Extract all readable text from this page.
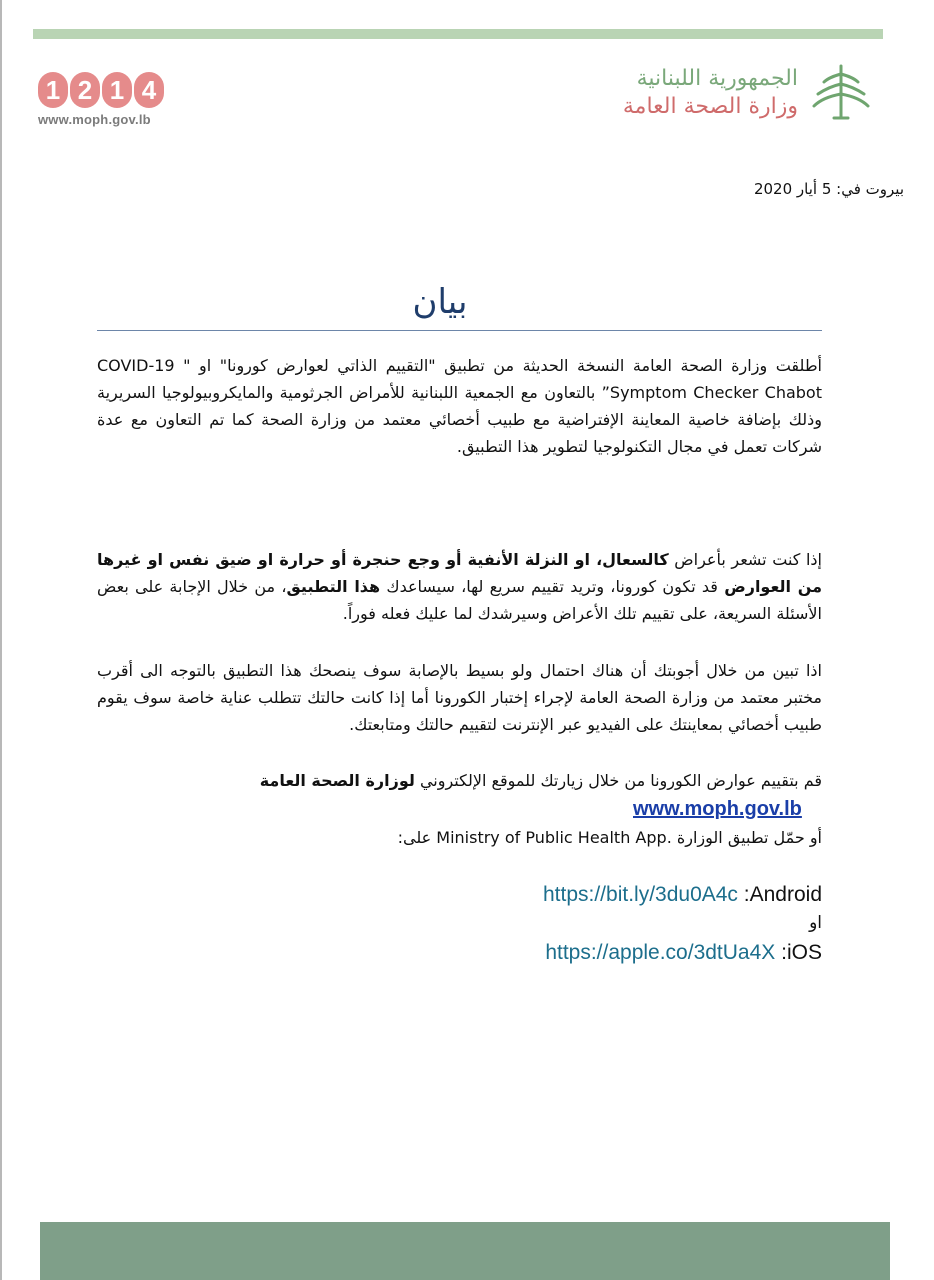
1 2 1 4
www.moph.gov.lb
الجمهورية اللبنانية
وزارة الصحة العامة
بيروت في: 5 أيار 2020
بيان
أطلقت وزارة الصحة العامة النسخة الحديثة من تطبيق "التقييم الذاتي لعوارض كورونا" او " COVID-19 Symptom Checker Chabot” بالتعاون مع الجمعية اللبنانية للأمراض الجرثومية والمايكروبيولوجيا السريرية وذلك بإضافة خاصية المعاينة الإفتراضية مع طبيب أخصائي معتمد من وزارة الصحة كما تم التعاون مع عدة شركات تعمل في مجال التكنولوجيا لتطوير هذا التطبيق.
إذا كنت تشعر بأعراض كالسعال، او النزلة الأنفية أو وجع حنجرة أو حرارة او ضيق نفس او غيرها من العوارض قد تكون كورونا، وتريد تقييم سريع لها، سيساعدك هذا التطبيق، من خلال الإجابة على بعض الأسئلة السريعة، على تقييم تلك الأعراض وسيرشدك لما عليك فعله فوراً.
اذا تبين من خلال أجوبتك أن هناك احتمال ولو بسيط بالإصابة سوف ينصحك هذا التطبيق بالتوجه الى أقرب مختبر معتمد من وزارة الصحة العامة لإجراء إختبار الكورونا أما إذا كانت حالتك تتطلب عناية خاصة سوف يقوم طبيب أخصائي بمعاينتك على الفيديو عبر الإنترنت لتقييم حالتك ومتابعتك.
قم بتقييم عوارض الكورونا من خلال زيارتك للموقع الإلكتروني لوزارة الصحة العامة
www.moph.gov.lb
أو حمّل تطبيق الوزارة .Ministry of Public Health App على:
https://bit.ly/3du0A4c :Android
او
https://apple.co/3dtUa4X :iOS
